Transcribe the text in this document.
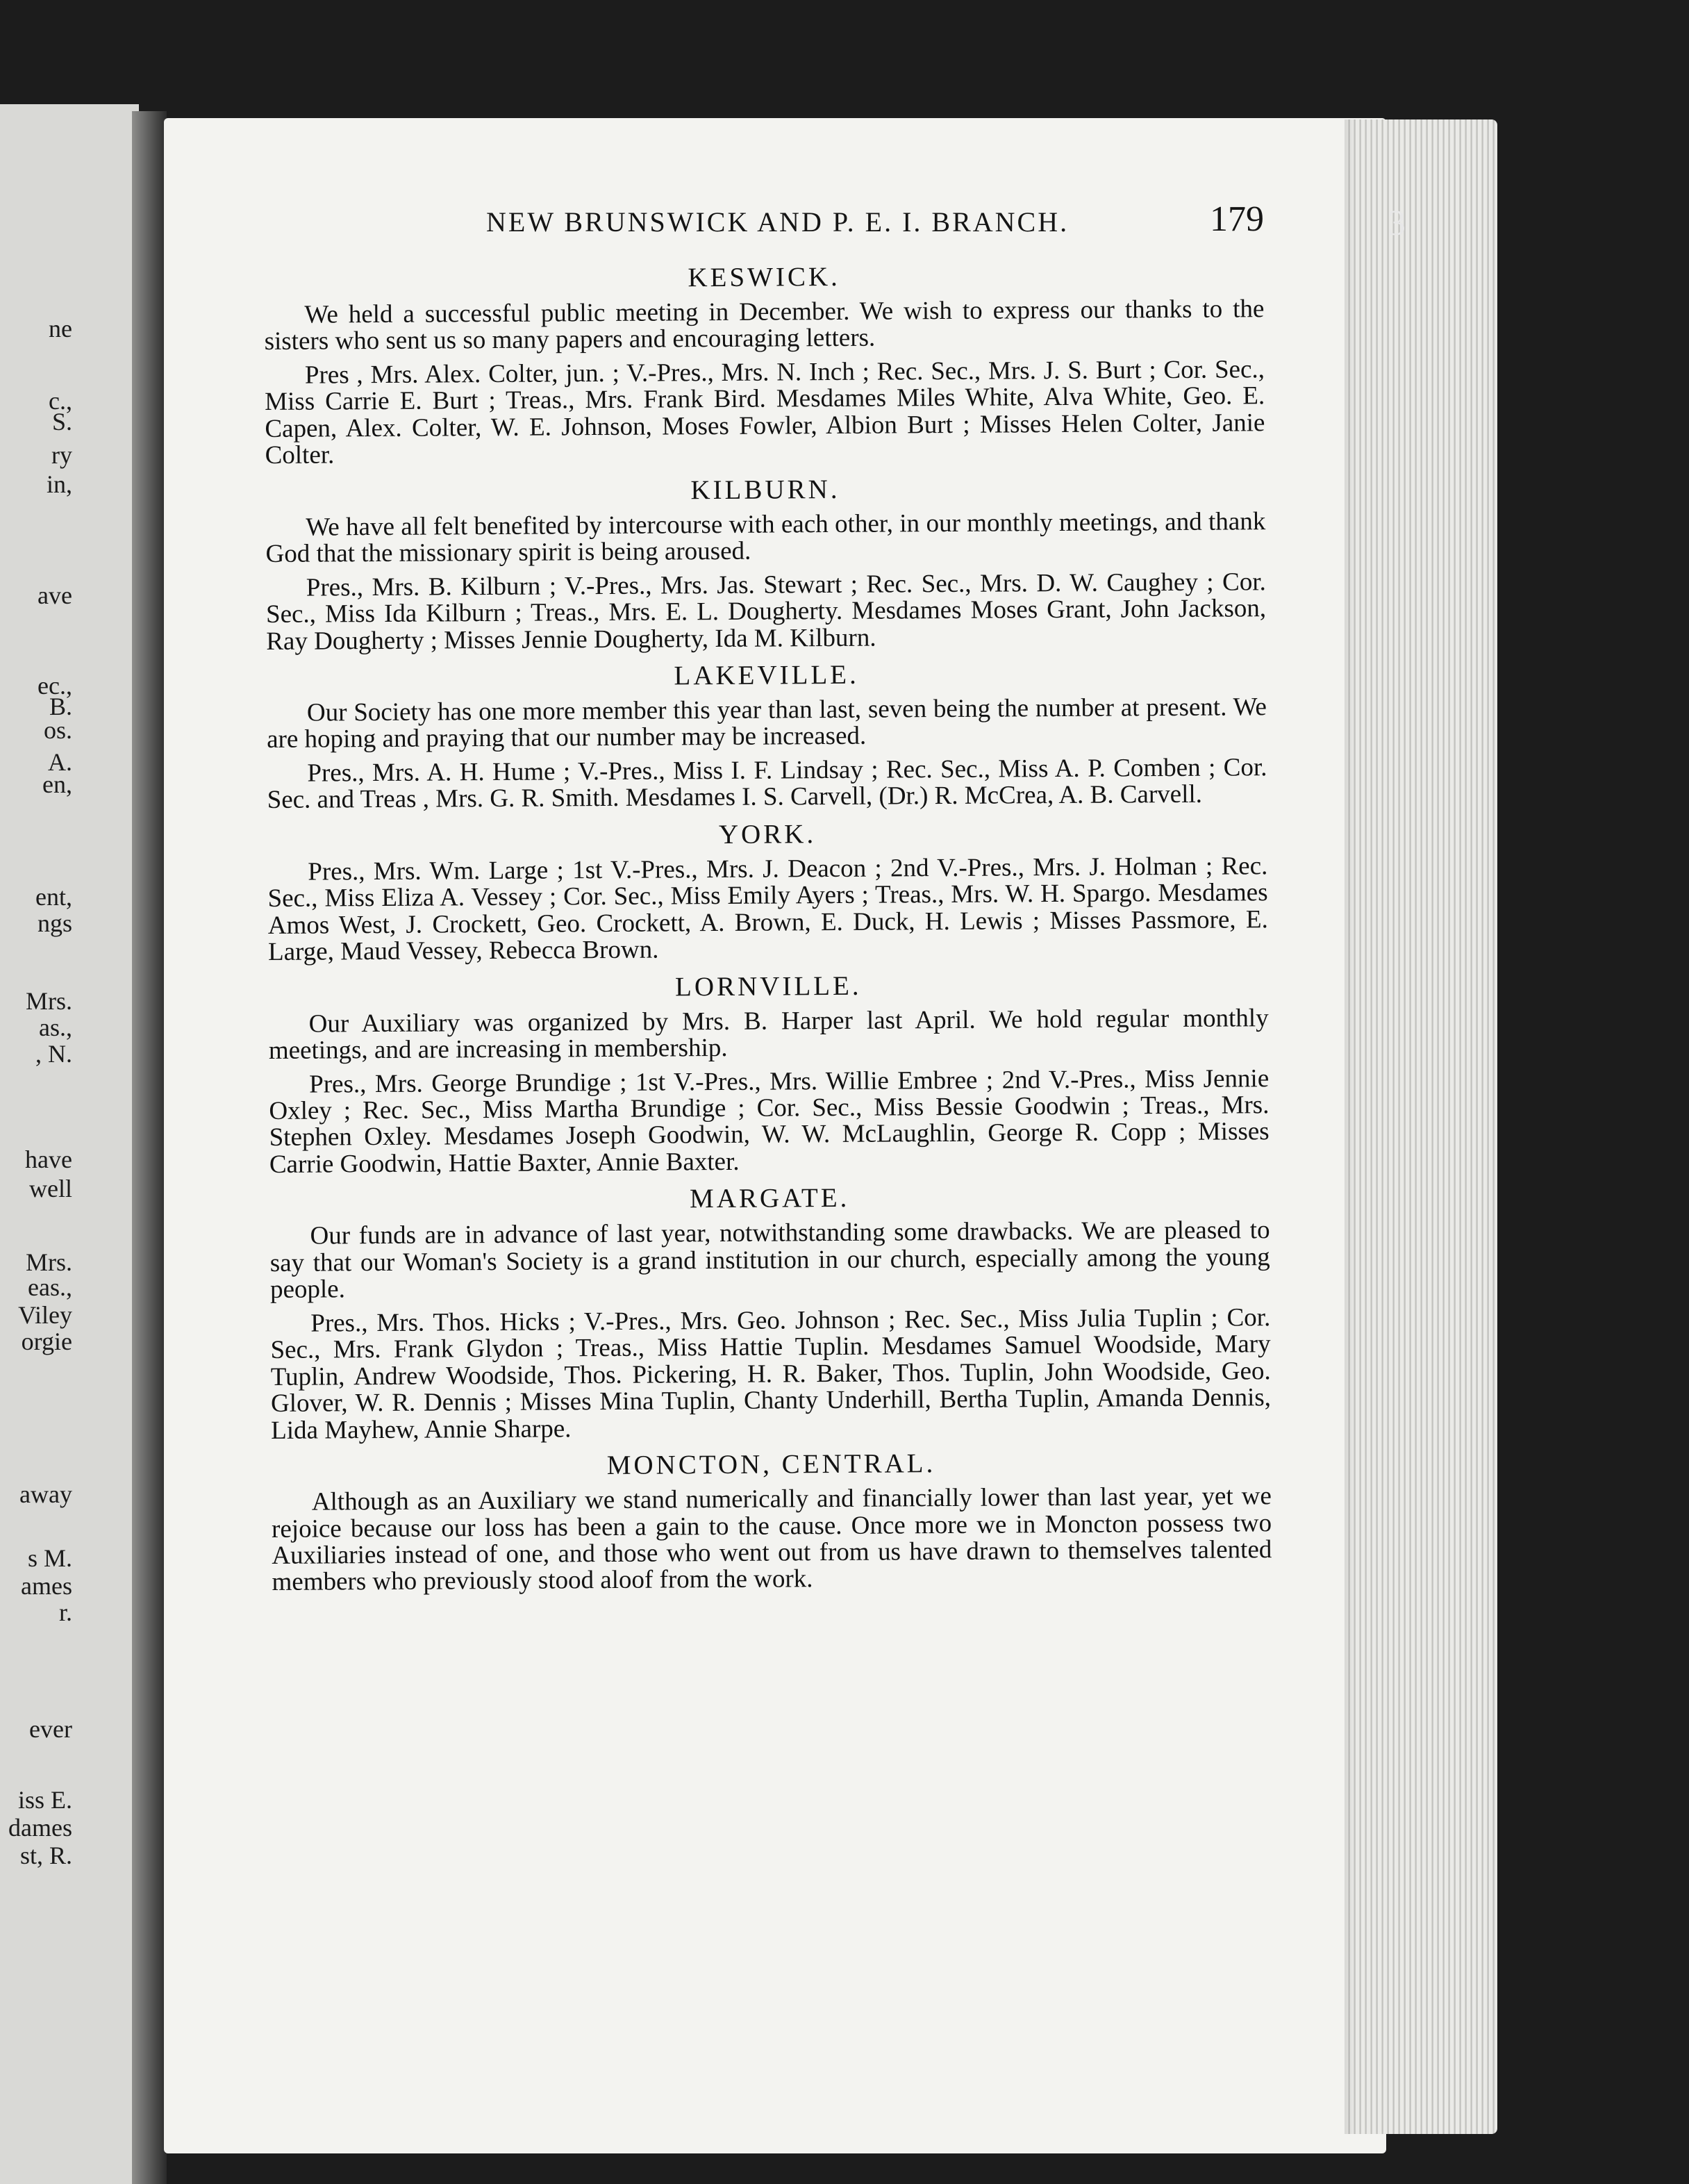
ne
c.,
S.
ry
in,
ave
ec.,
B.
os.
A.
en,
ent,
ngs
Mrs.
as.,
, N.
have
well
Mrs.
eas.,
Viley
orgie
away
s M.
ames
r.
ever
iss E.
dames
st, R.
3
NEW BRUNSWICK AND P. E. I. BRANCH.	179
KESWICK.

We held a successful public meeting in December. We wish to express our thanks to the sisters who sent us so many papers and encouraging letters.

Pres , Mrs. Alex. Colter, jun. ; V.-Pres., Mrs. N. Inch ; Rec. Sec., Mrs. J. S. Burt ; Cor. Sec., Miss Carrie E. Burt ; Treas., Mrs. Frank Bird. Mesdames Miles White, Alva White, Geo. E. Capen, Alex. Colter, W. E. Johnson, Moses Fowler, Albion Burt ; Misses Helen Colter, Janie Colter.

KILBURN.

We have all felt benefited by intercourse with each other, in our monthly meetings, and thank God that the missionary spirit is being aroused.

Pres., Mrs. B. Kilburn ; V.-Pres., Mrs. Jas. Stewart ; Rec. Sec., Mrs. D. W. Caughey ; Cor. Sec., Miss Ida Kilburn ; Treas., Mrs. E. L. Dougherty. Mesdames Moses Grant, John Jackson, Ray Dougherty ; Misses Jennie Dougherty, Ida M. Kilburn.

LAKEVILLE.

Our Society has one more member this year than last, seven being the number at present. We are hoping and praying that our number may be increased.

Pres., Mrs. A. H. Hume ; V.-Pres., Miss I. F. Lindsay ; Rec. Sec., Miss A. P. Comben ; Cor. Sec. and Treas , Mrs. G. R. Smith. Mesdames I. S. Carvell, (Dr.) R. McCrea, A. B. Carvell.

YORK.

Pres., Mrs. Wm. Large ; 1st V.-Pres., Mrs. J. Deacon ; 2nd V.-Pres., Mrs. J. Holman ; Rec. Sec., Miss Eliza A. Vessey ; Cor. Sec., Miss Emily Ayers ; Treas., Mrs. W. H. Spargo. Mesdames Amos West, J. Crockett, Geo. Crockett, A. Brown, E. Duck, H. Lewis ; Misses Passmore, E. Large, Maud Vessey, Rebecca Brown.

LORNVILLE.

Our Auxiliary was organized by Mrs. B. Harper last April. We hold regular monthly meetings, and are increasing in membership.

Pres., Mrs. George Brundige ; 1st V.-Pres., Mrs. Willie Embree ; 2nd V.-Pres., Miss Jennie Oxley ; Rec. Sec., Miss Martha Brundige ; Cor. Sec., Miss Bessie Goodwin ; Treas., Mrs. Stephen Oxley. Mesdames Joseph Goodwin, W. W. McLaughlin, George R. Copp ; Misses Carrie Goodwin, Hattie Baxter, Annie Baxter.

MARGATE.

Our funds are in advance of last year, notwithstanding some drawbacks. We are pleased to say that our Woman's Society is a grand institution in our church, especially among the young people.

Pres., Mrs. Thos. Hicks ; V.-Pres., Mrs. Geo. Johnson ; Rec. Sec., Miss Julia Tuplin ; Cor. Sec., Mrs. Frank Glydon ; Treas., Miss Hattie Tuplin. Mesdames Samuel Woodside, Mary Tuplin, Andrew Woodside, Thos. Pickering, H. R. Baker, Thos. Tuplin, John Woodside, Geo. Glover, W. R. Dennis ; Misses Mina Tuplin, Chanty Underhill, Bertha Tuplin, Amanda Dennis, Lida Mayhew, Annie Sharpe.

MONCTON, CENTRAL.

Although as an Auxiliary we stand numerically and financially lower than last year, yet we rejoice because our loss has been a gain to the cause. Once more we in Moncton possess two Auxiliaries instead of one, and those who went out from us have drawn to themselves talented members who previously stood aloof from the work.
